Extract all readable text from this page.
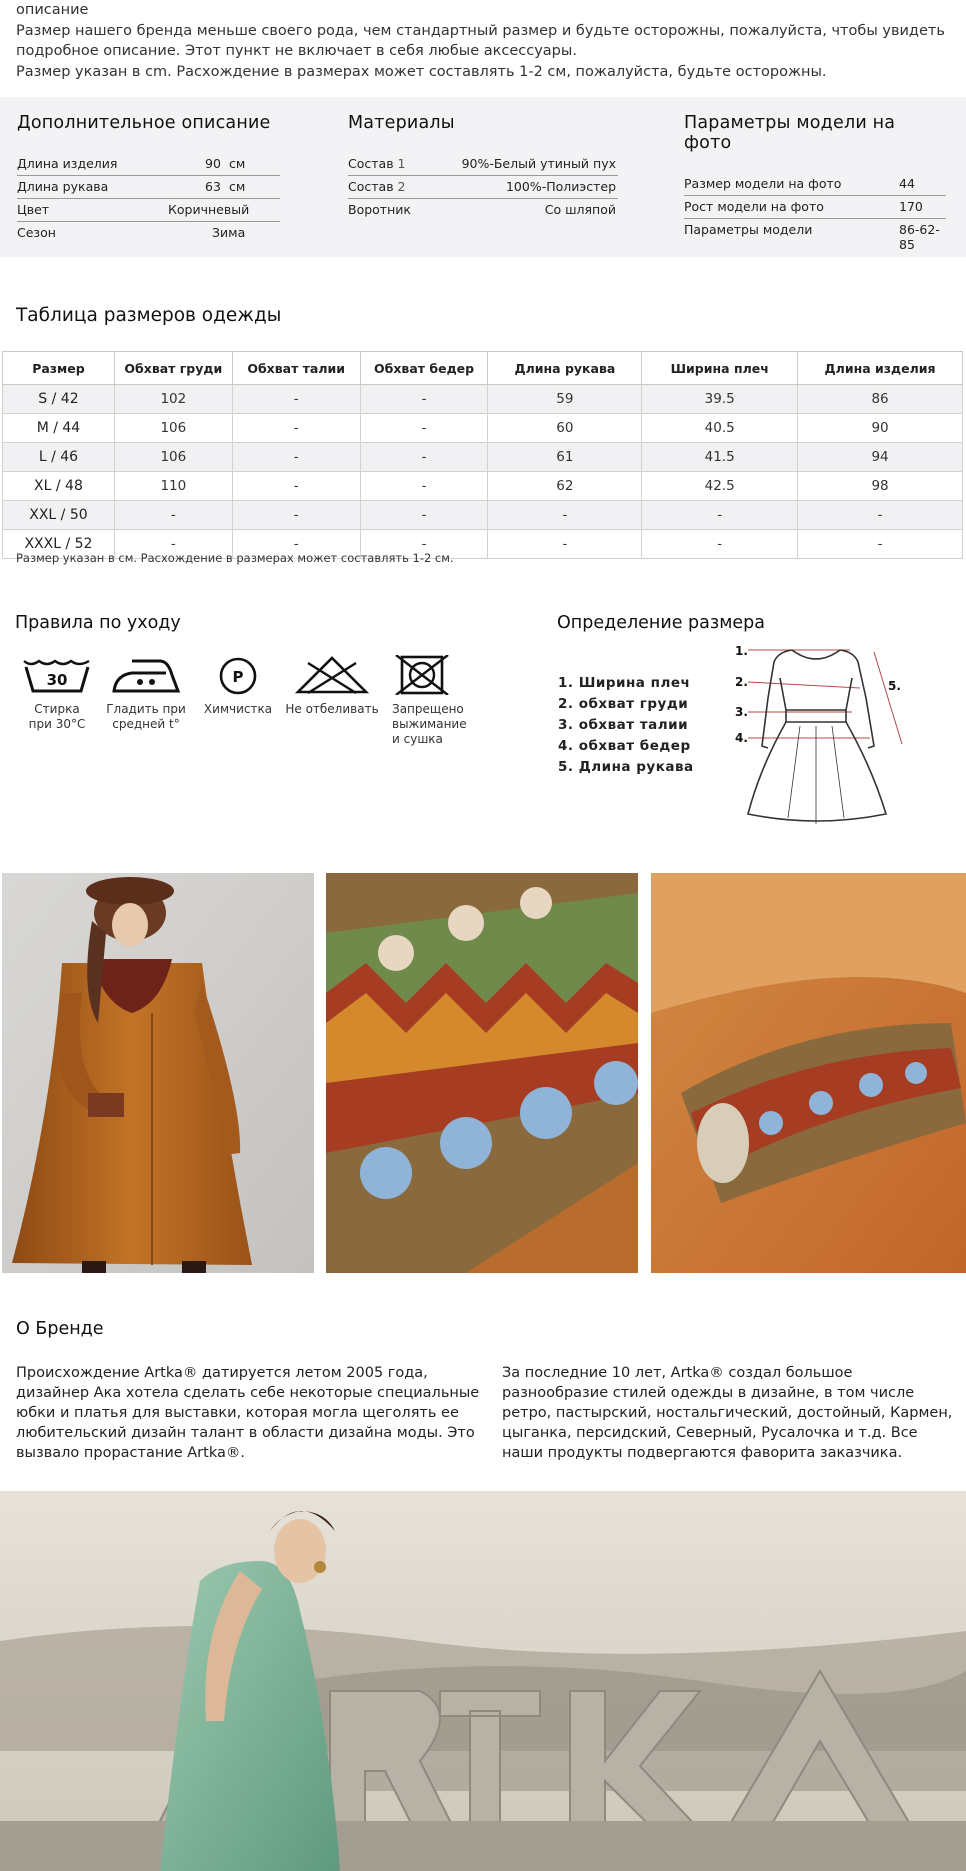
описание

Размер нашего бренда меньше своего рода, чем стандартный размер и будьте осторожны, пожалуйста, чтобы увидеть подробное описание. Этот пункт не включает в себя любые аксессуары.

Размер указан в cm. Расхождение в размерах может составлять 1-2 см, пожалуйста, будьте осторожны.

Дополнительное описание
Длина изделия	90 см
Длина рукава	63 см
Цвет	Коричневый
Сезон	Зима
Материалы
Состав 1	90%-Белый утиный пух
Состав 2	100%-Полиэстер
Воротник	Со шляпой
Параметры модели на фото
Размер модели на фото	44
Рост модели на фото	170
Параметры модели	86-62-85
Таблица размеров одежды
Размер	Обхват груди	Обхват талии	Обхват бедер	Длина рукава	Ширина плеч	Длина изделия
S / 42	102	-	-	59	39.5	86
M / 44	106	-	-	60	40.5	90
L / 46	106	-	-	61	41.5	94
XL / 48	110	-	-	62	42.5	98
XXL / 50	-	-	-	-	-	-
XXXL / 52	-	-	-	-	-	-
Размер указан в см. Расхождение в размерах может составлять 1-2 см.
Правила по уходу
30
Стирка
при 30°C
Гладить при
средней t°
P
Химчистка	Не отбеливать	Запрещено
выжимание
и сушка
Определение размера
1. Ширина плеч
2. обхват груди
3. обхват талии
4. обхват бедер
5. Длина рукава
1.
2.
3.
4.
5.
О Бренде

Происхождение Artka® датируется летом 2005 года, дизайнер Ака хотела сделать себе некоторые специальные юбки и платья для выставки, которая могла щеголять ее любительский дизайн талант в области дизайна моды. Это вызвало прорастание Artka®.

За последние 10 лет, Artka® создал большое разнообразие стилей одежды в дизайне, в том числе ретро, пастырский, ностальгический, достойный, Кармен, цыганка, персидский, Северный, Русалочка и т.д. Все наши продукты подвергаются фаворита заказчика.
